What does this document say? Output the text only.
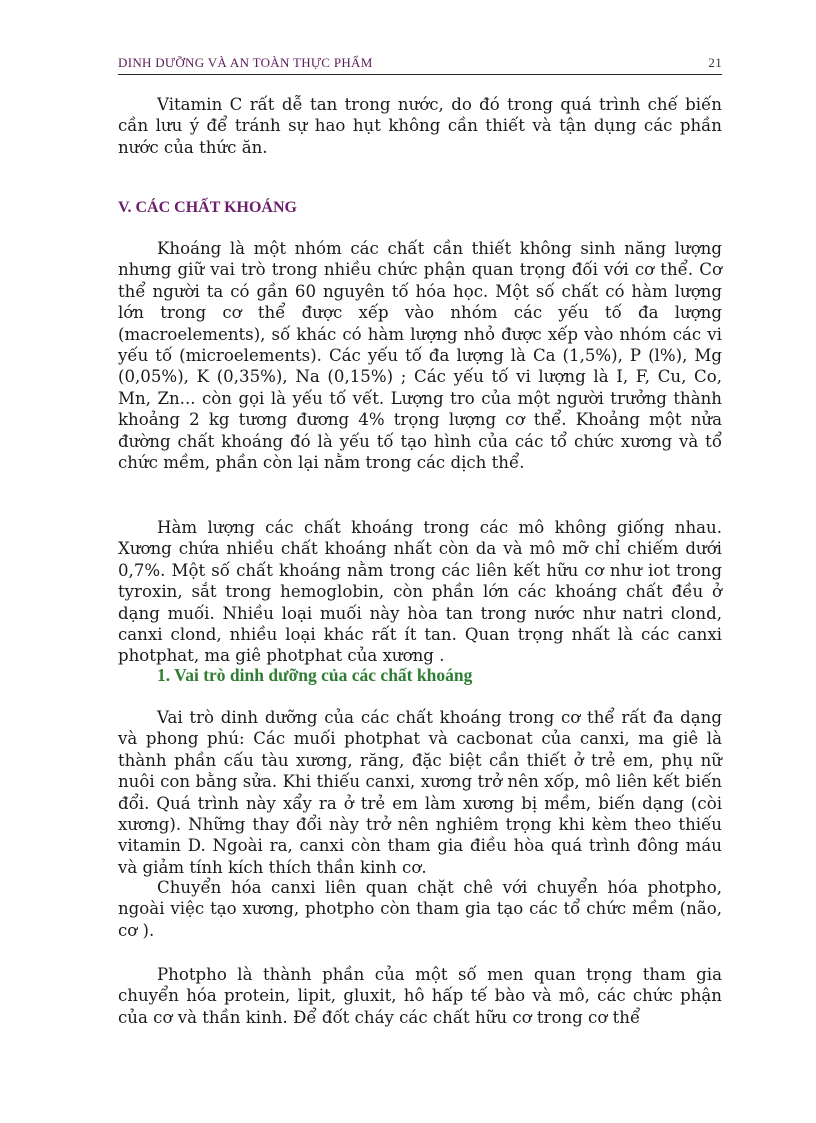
DINH DƯỠNG VÀ AN TOÀN THỰC PHẨM	21

Vitamin C rất dễ tan trong nước, do đó trong quá trình chế biến cần lưu ý để tránh sự hao hụt không cần thiết và tận dụng các phần nước của thức ăn.

V. CÁC CHẤT KHOÁNG

Khoáng là một nhóm các chất cần thiết không sinh năng lượng nhưng giữ vai trò trong nhiều chức phận quan trọng đối với cơ thể. Cơ thể người ta có gần 60 nguyên tố hóa học. Một số chất có hàm lượng lớn trong cơ thể được xếp vào nhóm các yếu tố đa lượng (macroelements), số khác có hàm lượng nhỏ được xếp vào nhóm các vi yếu tố (microelements). Các yếu tố đa lượng là Ca (1,5%), P (l%), Mg (0,05%), K (0,35%), Na (0,15%) ; Các yếu tố vi lượng là I, F, Cu, Co, Mn, Zn... còn gọi là yếu tố vết. Lượng tro của một người trưởng thành khoảng 2 kg tương đương 4% trọng lượng cơ thể. Khoảng một nửa đường chất khoáng đó là yếu tố tạo hình của các tổ chức xương và tổ chức mềm, phần còn lại nằm trong các dịch thể.

Hàm lượng các chất khoáng trong các mô không giống nhau. Xương chứa nhiều chất khoáng nhất còn da và mô mỡ chỉ chiếm dưới 0,7%. Một số chất khoáng nằm trong các liên kết hữu cơ như iot trong tyroxin, sắt trong hemoglobin, còn phần lớn các khoáng chất đều ở dạng muối. Nhiều loại muối này hòa tan trong nước như natri clond, canxi clond, nhiều loại khác rất ít tan. Quan trọng nhất là các canxi photphat, ma giê photphat của xương .

1. Vai trò dinh dưỡng của các chất khoáng

Vai trò dinh dưỡng của các chất khoáng trong cơ thể rất đa dạng và phong phú: Các muối photphat và cacbonat của canxi, ma giê là thành phần cấu tàu xương, răng, đặc biệt cần thiết ở trẻ em, phụ nữ nuôi con bằng sửa. Khi thiếu canxi, xương trở nên xốp, mô liên kết biến đổi. Quá trình này xẩy ra ở trẻ em làm xương bị mềm, biến dạng (còi xương). Những thay đổi này trở nên nghiêm trọng khi kèm theo thiếu vitamin D. Ngoài ra, canxi còn tham gia điều hòa quá trình đông máu và giảm tính kích thích thần kinh cơ.

Chuyển hóa canxi liên quan chặt chê với chuyển hóa photpho, ngoài việc tạo xương, photpho còn tham gia tạo các tổ chức mềm (não, cơ ).

Photpho là thành phần của một số men quan trọng tham gia chuyển hóa protein, lipit, gluxit, hô hấp tế bào và mô, các chức phận của cơ và thần kinh. Để đốt cháy các chất hữu cơ trong cơ thể
